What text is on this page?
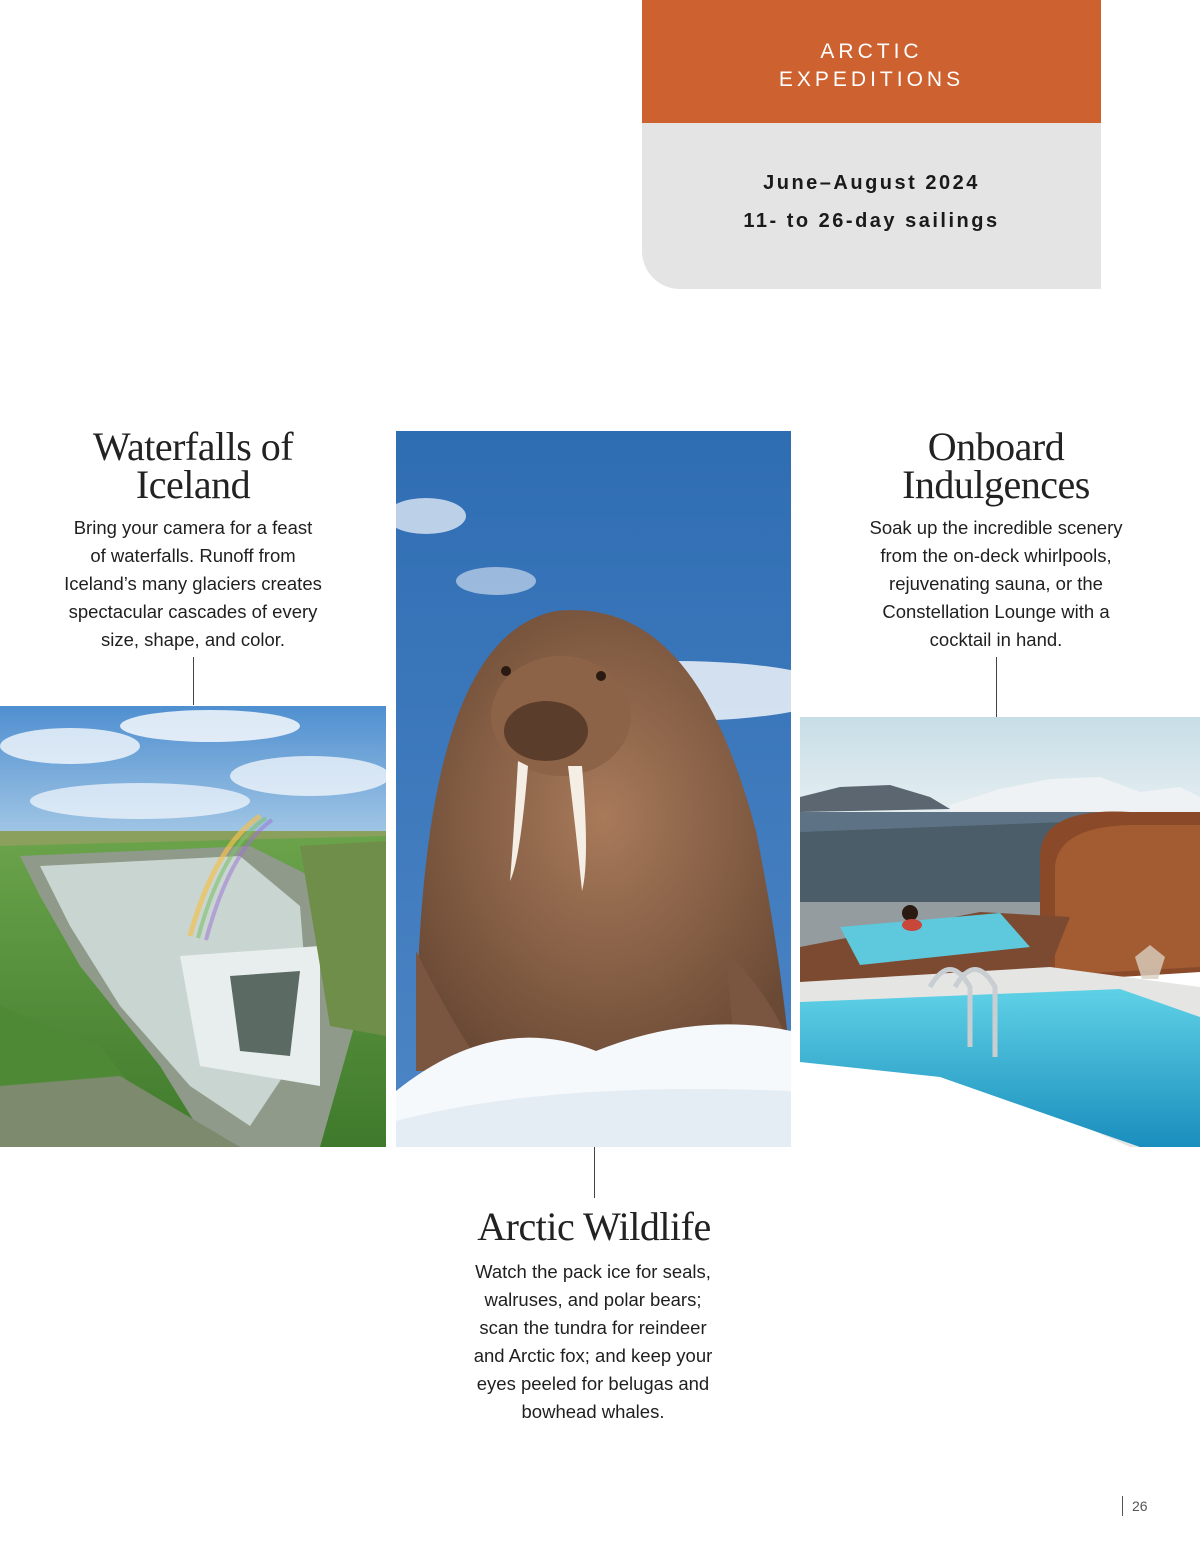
ARCTIC
EXPEDITIONS
June–August 2024
11- to 26-day sailings
Waterfalls of
Iceland

Bring your camera for a feast
of waterfalls. Runoff from
Iceland’s many glaciers creates
spectacular cascades of every
size, shape, and color.

Arctic Wildlife

Watch the pack ice for seals,
walruses, and polar bears;
scan the tundra for reindeer
and Arctic fox; and keep your
eyes peeled for belugas and
bowhead whales.

Onboard
Indulgences

Soak up the incredible scenery
from the on-deck whirlpools,
rejuvenating sauna, or the
Constellation Lounge with a
cocktail in hand.

26
